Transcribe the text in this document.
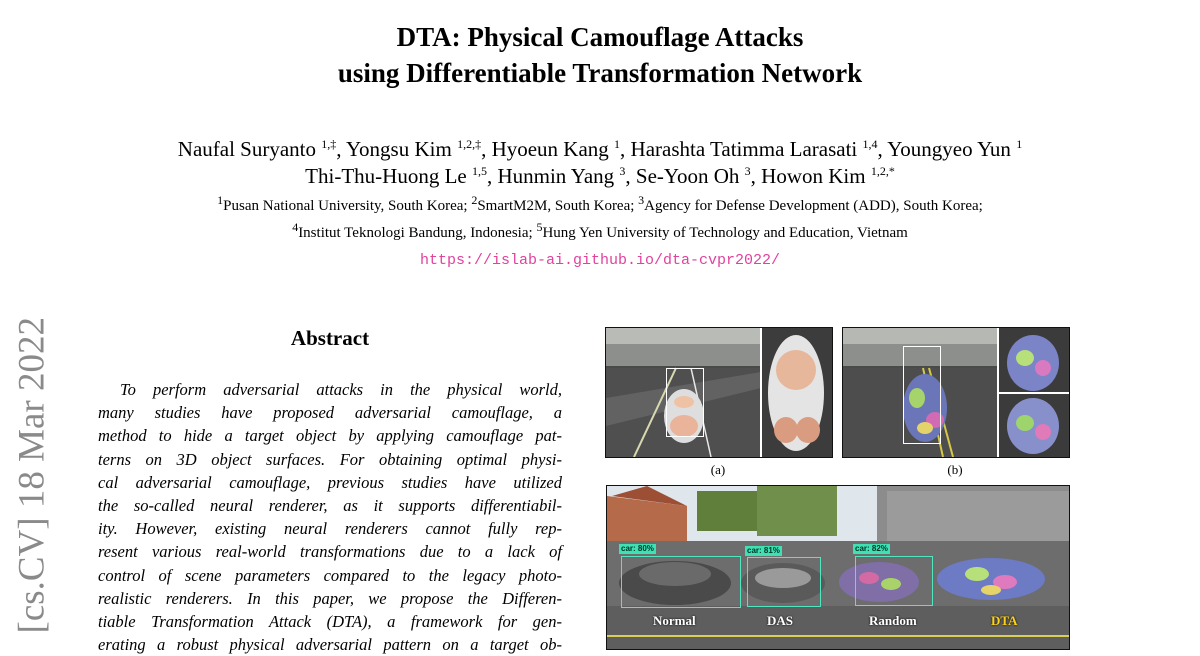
DTA: Physical Camouflage Attacks
using Differentiable Transformation Network
Naufal Suryanto $^{1,\ddagger}$, Yongsu Kim $^{1,2,\ddagger}$, Hyoeun Kang $^1$, Harashta Tatimma Larasati $^{1,4}$, Youngyeo Yun $^1$
Thi-Thu-Huong Le $^{1,5}$, Hunmin Yang $^3$, Se-Yoon Oh $^3$, Howon Kim $^{1,2,*}$
$^1$Pusan National University, South Korea; $^2$SmartM2M, South Korea; $^3$Agency for Defense Development (ADD), South Korea;
$^4$Institut Teknologi Bandung, Indonesia; $^5$Hung Yen University of Technology and Education, Vietnam
https://islab-ai.github.io/dta-cvpr2022/
[cs.CV] 18 Mar 2022	Abstract
To perform adversarial attacks in the physical world,
many studies have proposed adversarial camouflage, a
method to hide a target object by applying camouflage pat-
terns on 3D object surfaces. For obtaining optimal physi-
cal adversarial camouflage, previous studies have utilized
the so-called neural renderer, as it supports differentiabil-
ity. However, existing neural renderers cannot fully rep-
resent various real-world transformations due to a lack of
control of scene parameters compared to the legacy photo-
realistic renderers. In this paper, we propose the Differen-
tiable Transformation Attack (DTA), a framework for gen-
erating a robust physical adversarial pattern on a target ob-
(a)	(b)
car: 80%	car: 81%	car: 82%
Normal	DAS	Random	DTA
